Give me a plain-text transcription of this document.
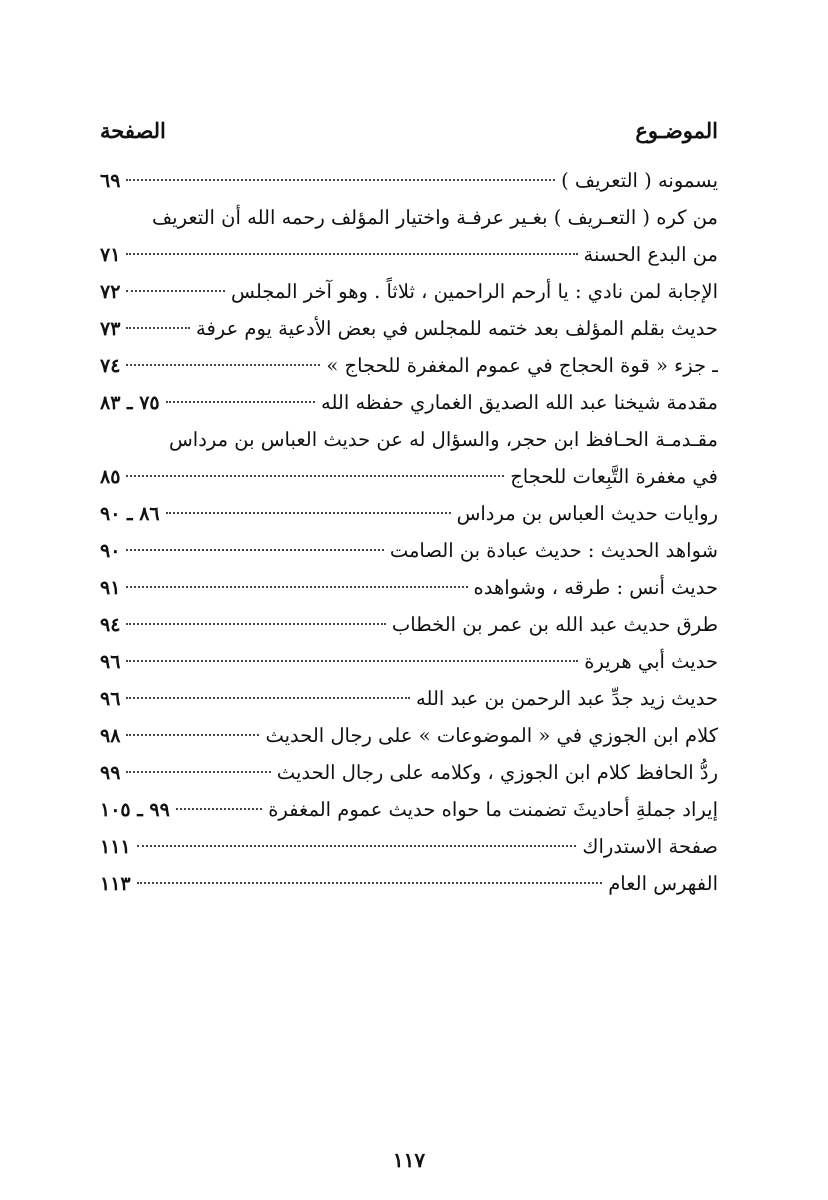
الموضـوع
الصفحة
يسمونه ( التعريف )
٦٩
من كره ( التعـريف ) بغـير عرفـة واختيار المؤلف رحمه الله أن التعريف
من البدع الحسنة
٧١
الإجابة لمن نادي : يا أرحم الراحمين ، ثلاثاً . وهو آخر المجلس
٧٢
حديث بقلم المؤلف بعد ختمه للمجلس في بعض الأدعية يوم عرفة
٧٣
ـ جزء « قوة الحجاج في عموم المغفرة للحجاج »
٧٤
مقدمة شيخنا عبد الله الصديق الغماري حفظه الله
٧٥ ـ ٨٣
مقـدمـة الحـافظ ابن حجر، والسؤال له عن حديث العباس بن مرداس
في مغفرة التَّبِعات للحجاج
٨٥
روايات حديث العباس بن مرداس
٨٦ ـ ٩٠
شواهد الحديث : حديث عبادة بن الصامت
٩٠
حديث أنس : طرقه ، وشواهده
٩١
طرق حديث عبد الله بن عمر بن الخطاب
٩٤
حديث أبي هريرة
٩٦
حديث زيد جدِّ عبد الرحمن بن عبد الله
٩٦
كلام ابن الجوزي في « الموضوعات » على رجال الحديث
٩٨
ردُّ الحافظ كلام ابن الجوزي ، وكلامه على رجال الحديث
٩٩
إيراد جملةِ أحاديثَ تضمنت ما حواه حديث عموم المغفرة
٩٩ ـ ١٠٥
صفحة الاستدراك
١١١
الفهرس العام
١١٣
١١٧
